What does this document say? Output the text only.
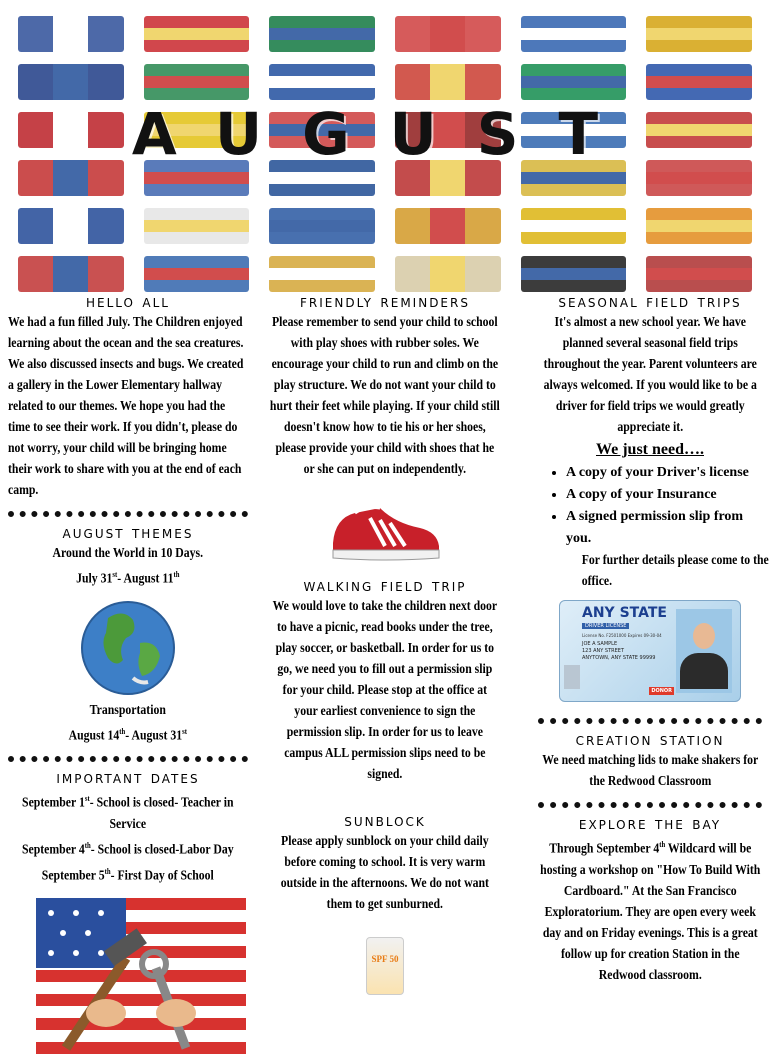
AUGUST
hello all

We had a fun filled July. The Children enjoyed learning about the ocean and the sea creatures. We also discussed insects and bugs. We created a gallery in the Lower Elementary hallway related to our themes. We hope you had the time to see their work. If you didn't, please do not worry, your child will be bringing home their work to share with you at the end of each camp.

august themes

Around the World in 10 Days.

July 31st- August 11th

Transportation

August 14th- August 31st

important dates

September 1st- School is closed- Teacher in Service

September 4th- School is closed-Labor Day

September 5th- First Day of School

friendly reminders

Please remember to send your child to school with play shoes with rubber soles. We encourage your child to run and climb on the play structure. We do not want your child to hurt their feet while playing. If your child still doesn't know how to tie his or her shoes, please provide your child with shoes that he or she can put on independently.

walking field trip

We would love to take the children next door to have a picnic, read books under the tree, play soccer, or basketball. In order for us to go, we need you to fill out a permission slip for your child. Please stop at the office at your earliest convenience to sign the permission slip. In order for us to leave campus ALL permission slips need to be signed.

sunblock

Please apply sunblock on your child daily before coming to school. It is very warm outside in the afternoons. We do not want them to get sunburned.

SPF 50
seasonal field trips

It's almost a new school year. We have planned several seasonal field trips throughout the year. Parent volunteers are always welcomed. If you would like to be a driver for field trips we would greatly appreciate it.

We just need….
• A copy of your Driver's license
• A copy of your Insurance
• A signed permission slip from you.

For further details please come to the office.

ANY STATE
DRIVER LICENSE
License No. F2501000 Expires 09-30-04
JOE A SAMPLE
123 ANY STREET
ANYTOWN, ANY STATE 99999
DONOR
creation station

We need matching lids to make shakers for the Redwood Classroom

explore the bay

Through September 4th Wildcard will be hosting a workshop on "How To Build With Cardboard." At the San Francisco Exploratorium. They are open every week day and on Friday evenings. This is a great follow up for creation Station in the Redwood classroom.
